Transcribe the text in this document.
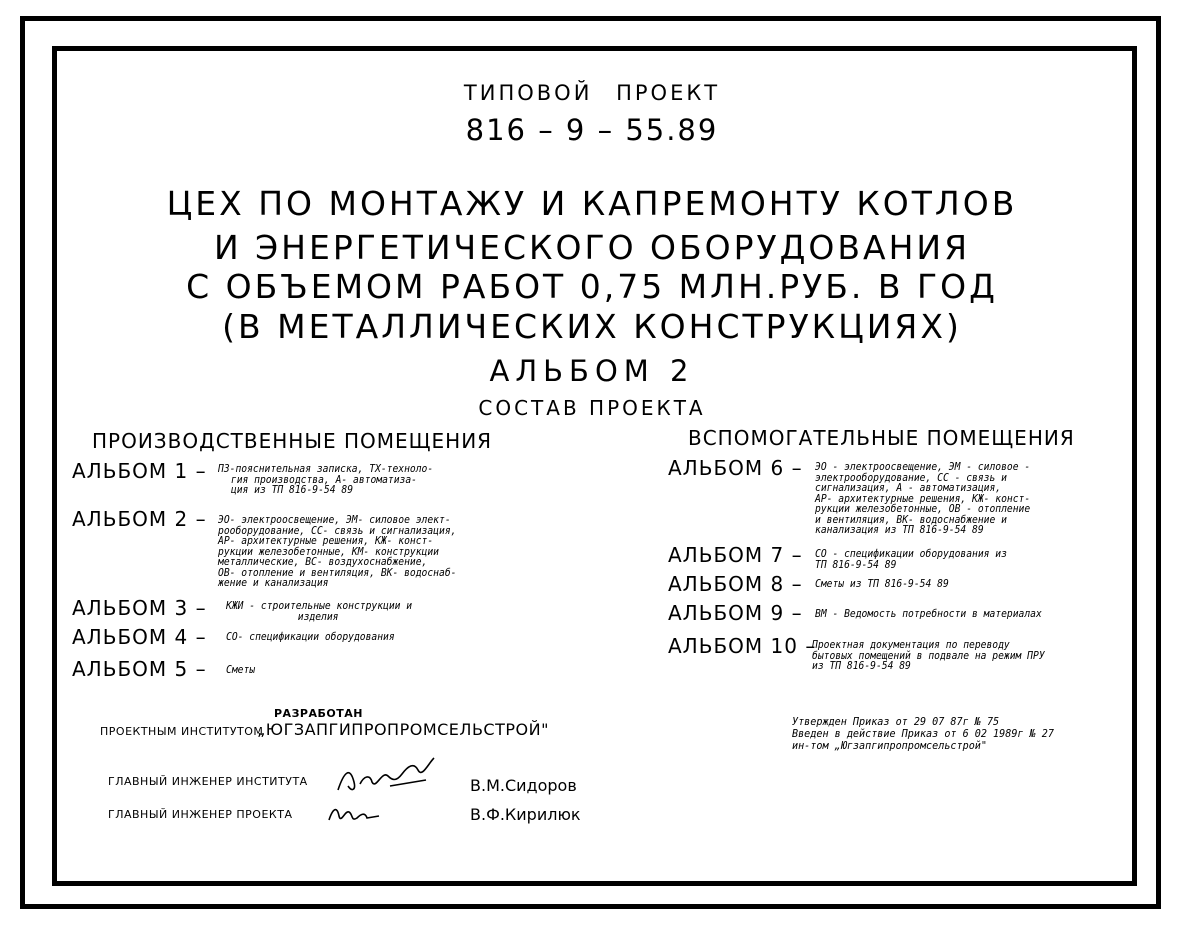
ТИПОВОЙ ПРОЕКТ
816 – 9 – 55.89
ЦЕХ ПО МОНТАЖУ И КАПРЕМОНТУ КОТЛОВ
И ЭНЕРГЕТИЧЕСКОГО ОБОРУДОВАНИЯ
С ОБЪЕМОМ РАБОТ 0,75 МЛН.РУБ. В ГОД
(В МЕТАЛЛИЧЕСКИХ КОНСТРУКЦИЯХ)
АЛЬБОМ 2
СОСТАВ ПРОЕКТА
ПРОИЗВОДСТВЕННЫЕ ПОМЕЩЕНИЯ
АЛЬБОМ 1 – ПЗ-пояснительная записка, ТХ-техноло-
гия производства, А- автоматиза-
ция из ТП 816-9-54 89
АЛЬБОМ 2 – ЭО- электроосвещение, ЭМ- силовое элект-
рооборудование, СС- связь и сигнализация,
АР- архитектурные решения, КЖ- конст-
рукции железобетонные, КМ- конструкции
металлические, ВС- воздухоснабжение,
ОВ- отопление и вентиляция, ВК- водоснаб-
жение и канализация
АЛЬБОМ 3 – КЖИ - строительные конструкции и
изделия
АЛЬБОМ 4 – СО- спецификации оборудования
АЛЬБОМ 5 – Сметы
ВСПОМОГАТЕЛЬНЫЕ ПОМЕЩЕНИЯ
АЛЬБОМ 6 – ЭО - электроосвещение, ЭМ - силовое -
электрооборудование, СС - связь и
сигнализация, А - автоматизация,
АР- архитектурные решения, КЖ- конст-
рукции железобетонные, ОВ - отопление
и вентиляция, ВК- водоснабжение и
канализация из ТП 816-9-54 89
АЛЬБОМ 7 – СО - спецификации оборудования из
ТП 816-9-54 89
АЛЬБОМ 8 – Сметы из ТП 816-9-54 89
АЛЬБОМ 9 – ВМ - Ведомость потребности в материалах
АЛЬБОМ 10 –
Проектная документация по переводу
бытовых помещений в подвале на режим ПРУ
из ТП 816-9-54 89
РАЗРАБОТАН
ПРОЕКТНЫМ ИНСТИТУТОМ
„ЮГЗАПГИПРОПРОМСЕЛЬСТРОЙ"
ГЛАВНЫЙ ИНЖЕНЕР ИНСТИТУТА	В.М.Сидоров
ГЛАВНЫЙ ИНЖЕНЕР ПРОЕКТА	В.Ф.Кирилюк
Утвержден Приказ от 29 07 87г № 75
Введен в действие Приказ от 6 02 1989г № 27
ин-том „Югзапгипропромсельстрой"
